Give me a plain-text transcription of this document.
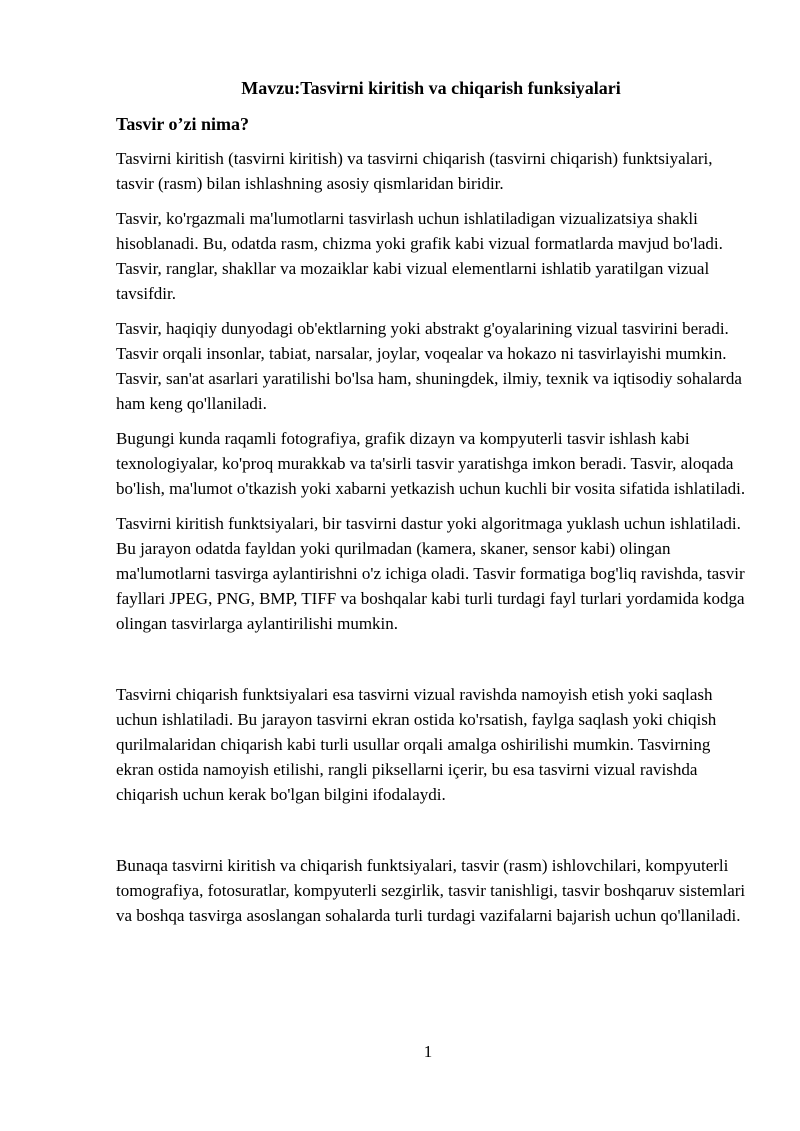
Mavzu:Tasvirni kiritish va chiqarish funksiyalari
Tasvir o’zi nima?

Tasvirni kiritish (tasvirni kiritish) va tasvirni chiqarish (tasvirni chiqarish) funktsiyalari, tasvir (rasm) bilan ishlashning asosiy qismlaridan biridir.

Tasvir, ko'rgazmali ma'lumotlarni tasvirlash uchun ishlatiladigan vizualizatsiya shakli hisoblanadi. Bu, odatda rasm, chizma yoki grafik kabi vizual formatlarda mavjud bo'ladi. Tasvir, ranglar, shakllar va mozaiklar kabi vizual elementlarni ishlatib yaratilgan vizual tavsifdir.

Tasvir, haqiqiy dunyodagi ob'ektlarning yoki abstrakt g'oyalarining vizual tasvirini beradi. Tasvir orqali insonlar, tabiat, narsalar, joylar, voqealar va hokazo ni tasvirlayishi mumkin. Tasvir, san'at asarlari yaratilishi bo'lsa ham, shuningdek, ilmiy, texnik va iqtisodiy sohalarda ham keng qo'llaniladi.

Bugungi kunda raqamli fotografiya, grafik dizayn va kompyuterli tasvir ishlash kabi texnologiyalar, ko'proq murakkab va ta'sirli tasvir yaratishga imkon beradi. Tasvir, aloqada bo'lish, ma'lumot o'tkazish yoki xabarni yetkazish uchun kuchli bir vosita sifatida ishlatiladi.

Tasvirni kiritish funktsiyalari, bir tasvirni dastur yoki algoritmaga yuklash uchun ishlatiladi. Bu jarayon odatda fayldan yoki qurilmadan (kamera, skaner, sensor kabi) olingan ma'lumotlarni tasvirga aylantirishni o'z ichiga oladi. Tasvir formatiga bog'liq ravishda, tasvir fayllari JPEG, PNG, BMP, TIFF va boshqalar kabi turli turdagi fayl turlari yordamida kodga olingan tasvirlarga aylantirilishi mumkin.

Tasvirni chiqarish funktsiyalari esa tasvirni vizual ravishda namoyish etish yoki saqlash uchun ishlatiladi. Bu jarayon tasvirni ekran ostida ko'rsatish, faylga saqlash yoki chiqish qurilmalaridan chiqarish kabi turli usullar orqali amalga oshirilishi mumkin. Tasvirning ekran ostida namoyish etilishi, rangli piksellarni içerir, bu esa tasvirni vizual ravishda chiqarish uchun kerak bo'lgan bilgini ifodalaydi.

Bunaqa tasvirni kiritish va chiqarish funktsiyalari, tasvir (rasm) ishlovchilari, kompyuterli tomografiya, fotosuratlar, kompyuterli sezgirlik, tasvir tanishligi, tasvir boshqaruv sistemlari va boshqa tasvirga asoslangan sohalarda turli turdagi vazifalarni bajarish uchun qo'llaniladi.

1
